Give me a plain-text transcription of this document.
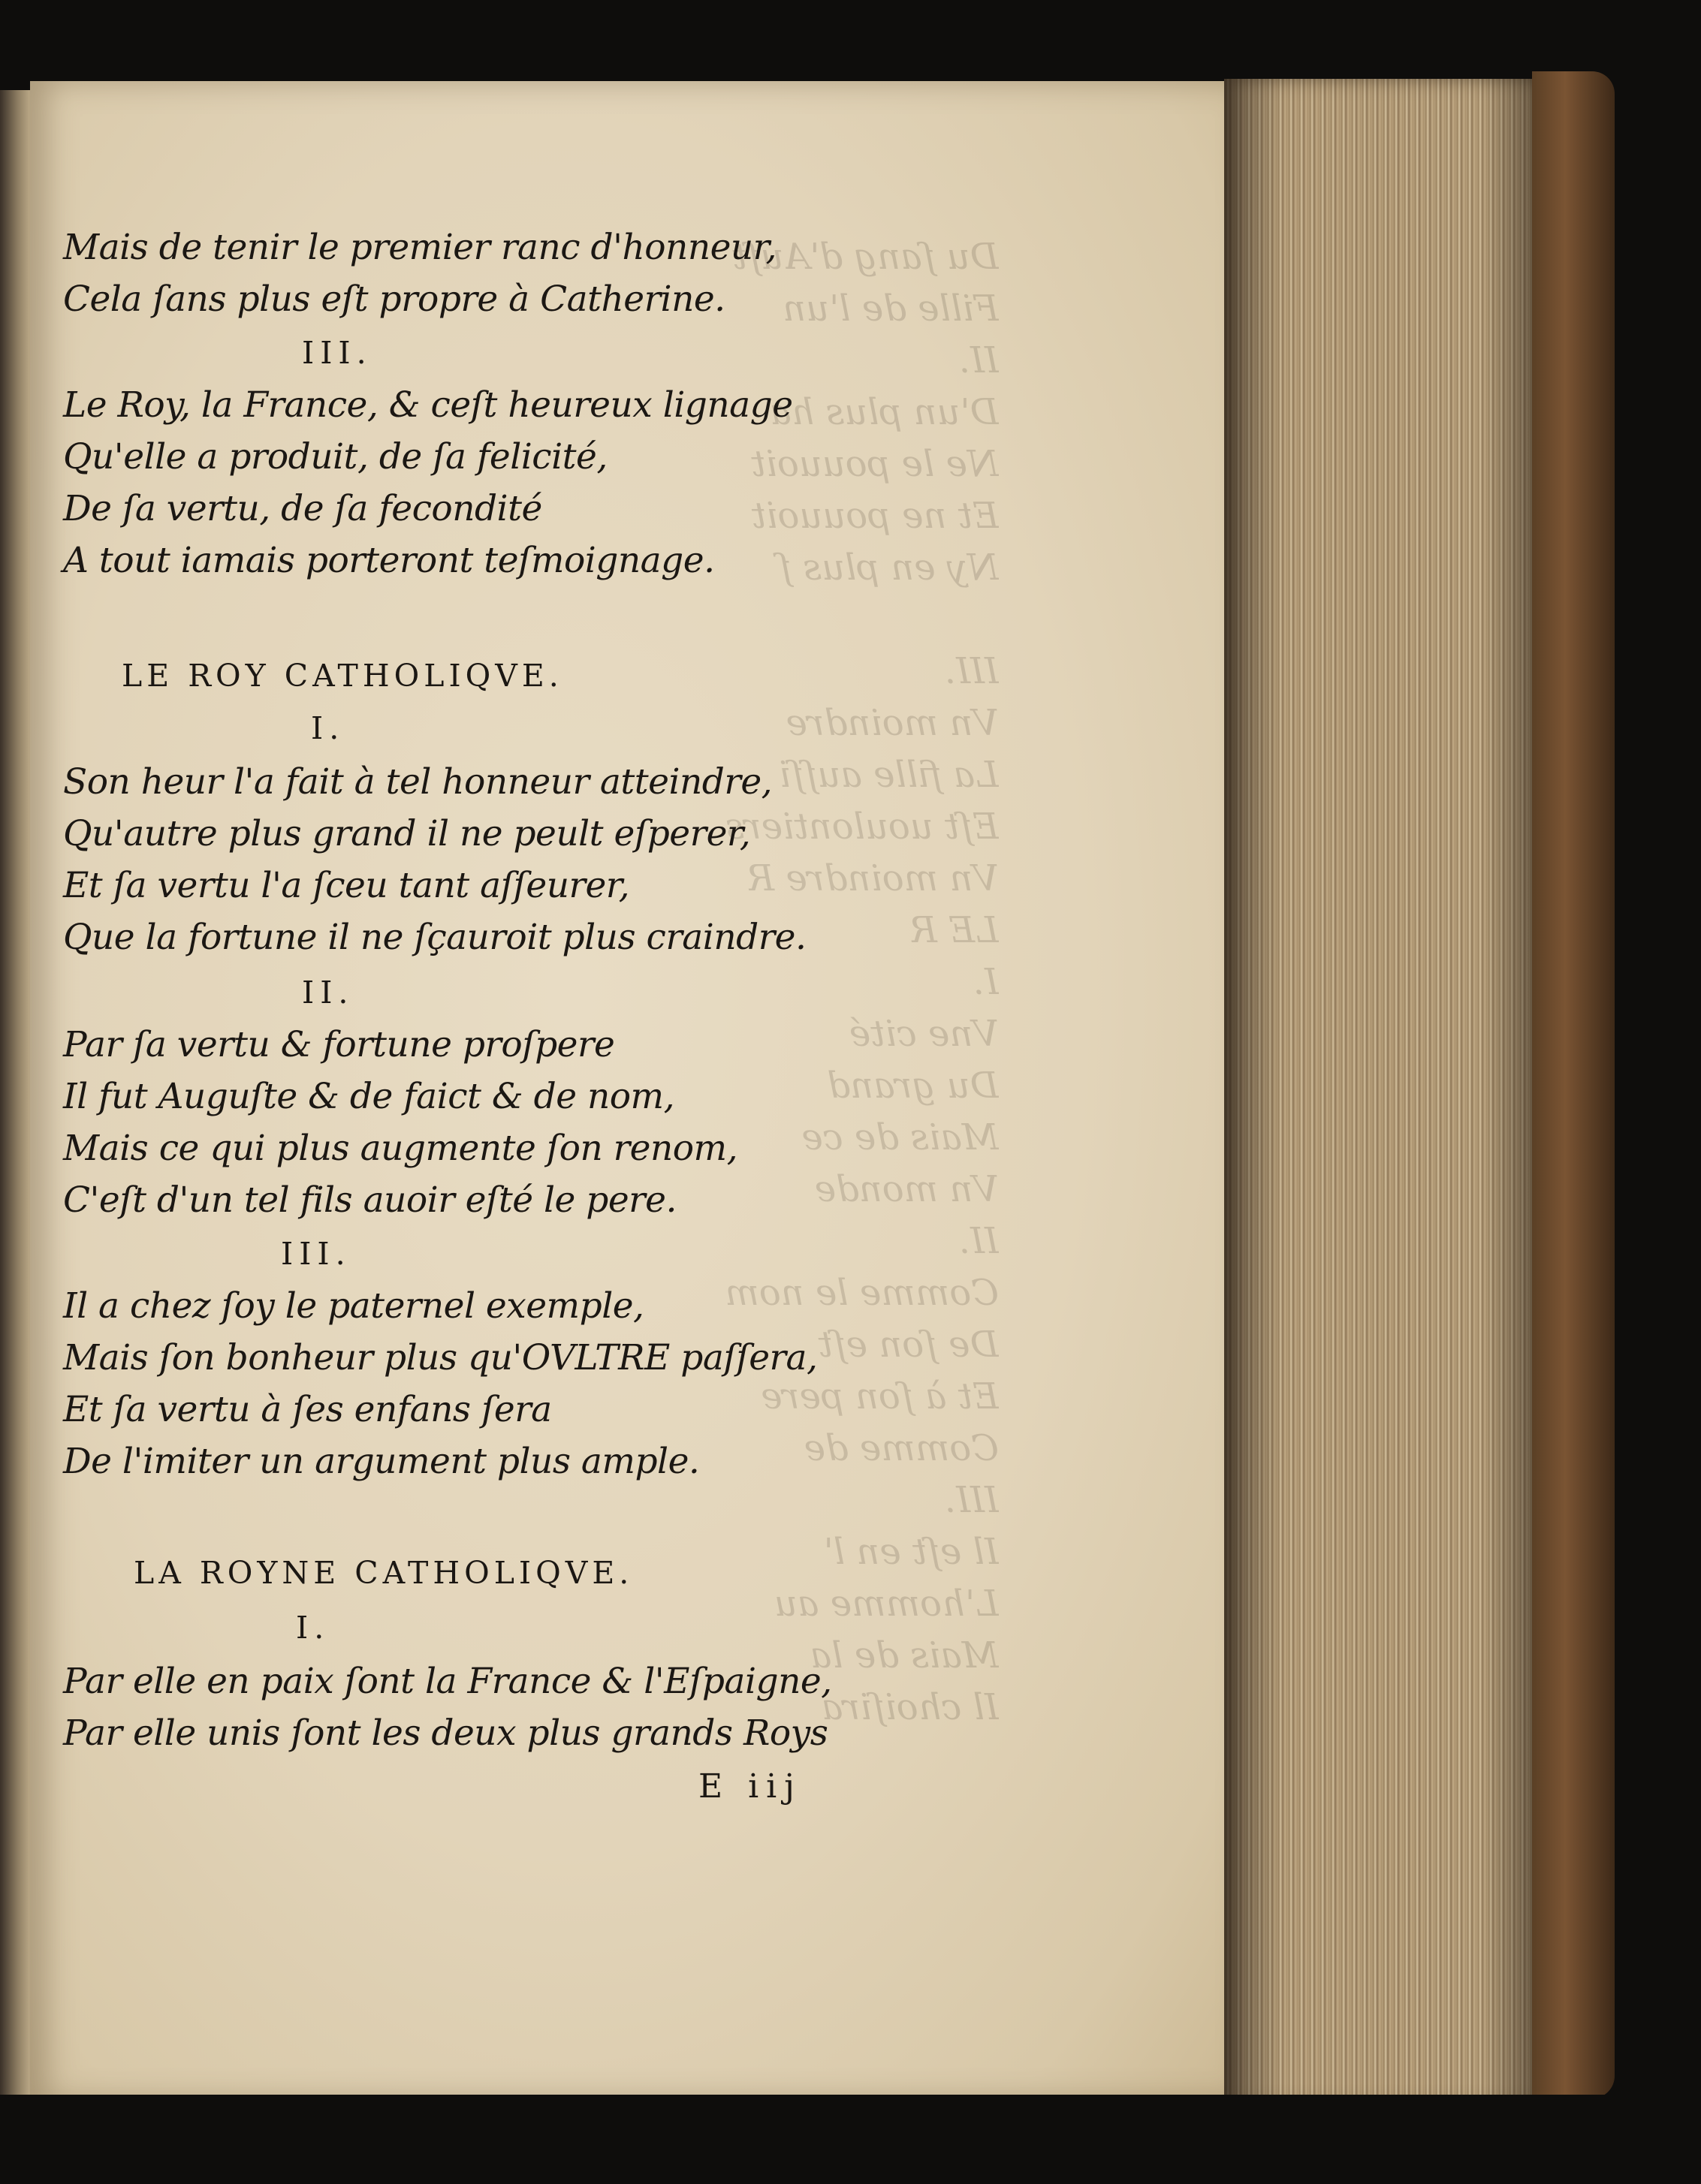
Du ſang d'Auſt
Fille de l'un
II.
D'un plus ha
Ne le pouuoit
Et ne pouuoit
Ny en plus ſ

III.
Vn moindre
La fille auſſi
Eſt uoulontiers
Vn moindre R
LE R
I.
Vne cité
Du grand
Mais de ce
Vn monde
II.
Comme le nom
De ſon eſt
Et à ſon pere
Comme de
III.
Il eſt en l'
L'homme au
Mais de la
Il choiſira
Mais de tenir le premier ranc d'honneur,
Cela ſans plus eſt propre à Catherine.
III.
Le Roy, la France, & ceſt heureux lignage
Qu'elle a produit, de ſa felicité,
De ſa vertu, de ſa fecondité
A tout iamais porteront teſmoignage.
LE ROY CATHOLIQVE.
I.
Son heur l'a fait à tel honneur atteindre,
Qu'autre plus grand il ne peult eſperer,
Et ſa vertu l'a ſceu tant aſſeurer,
Que la fortune il ne ſçauroit plus craindre.
II.
Par ſa vertu & fortune proſpere
Il fut Auguſte & de faict & de nom,
Mais ce qui plus augmente ſon renom,
C'eſt d'un tel fils auoir eſté le pere.
III.
Il a chez ſoy le paternel exemple,
Mais ſon bonheur plus qu'OVLTRE paſſera,
Et ſa vertu à ſes enfans ſera
De l'imiter un argument plus ample.
LA ROYNE CATHOLIQVE.
I.
Par elle en paix ſont la France & l'Eſpaigne,
Par elle unis ſont les deux plus grands Roys
E iij
